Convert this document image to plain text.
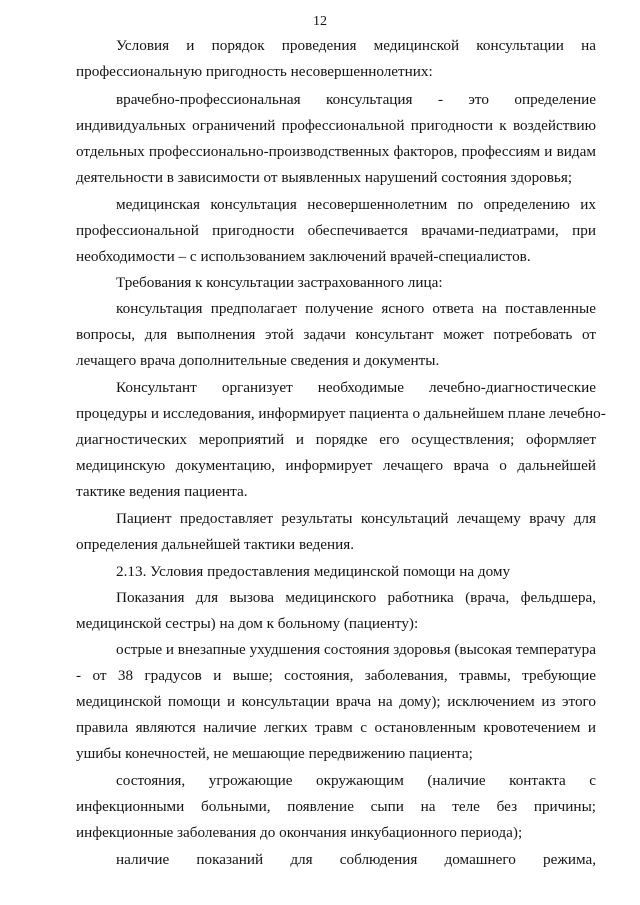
12
Условия и порядок проведения медицинской консультации на
профессиональную пригодность несовершеннолетних:
врачебно-профессиональная консультация - это определение
индивидуальных ограничений профессиональной пригодности к воздействию
отдельных профессионально-производственных факторов, профессиям и видам
деятельности в зависимости от выявленных нарушений состояния здоровья;
медицинская консультация несовершеннолетним по определению их
профессиональной пригодности обеспечивается врачами-педиатрами, при
необходимости – с использованием заключений врачей-специалистов.
Требования к консультации застрахованного лица:
консультация предполагает получение ясного ответа на поставленные
вопросы, для выполнения этой задачи консультант может потребовать от
лечащего врача дополнительные сведения и документы.
Консультант организует необходимые лечебно-диагностические
процедуры и исследования, информирует пациента о дальнейшем плане лечебно-
диагностических мероприятий и порядке его осуществления; оформляет
медицинскую документацию, информирует лечащего врача о дальнейшей
тактике ведения пациента.
Пациент предоставляет результаты консультаций лечащему врачу для
определения дальнейшей тактики ведения.
2.13. Условия предоставления медицинской помощи на дому
Показания для вызова медицинского работника (врача, фельдшера,
медицинской сестры) на дом к больному (пациенту):
острые и внезапные ухудшения состояния здоровья (высокая температура
- от 38 градусов и выше; состояния, заболевания, травмы, требующие
медицинской помощи и консультации врача на дому); исключением из этого
правила являются наличие легких травм с остановленным кровотечением и
ушибы конечностей, не мешающие передвижению пациента;
состояния, угрожающие окружающим (наличие контакта с
инфекционными больными, появление сыпи на теле без причины;
инфекционные заболевания до окончания инкубационного периода);
наличие показаний для соблюдения домашнего режима,
